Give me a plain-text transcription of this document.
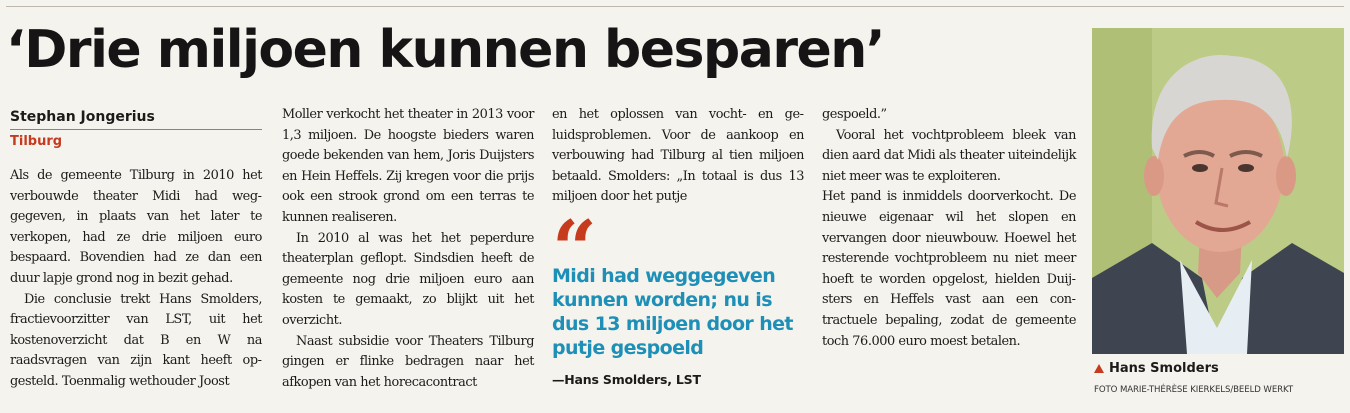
‘Drie miljoen kunnen besparen’
Stephan Jongerius
Tilburg

Als de gemeente Tilburg in 2010 het verbouwde theater Midi had weggegeven, in plaats van het later te verkopen, had ze drie miljoen euro bespaard. Bovendien had ze dan een duur lapje grond nog in bezit gehad.

Die conclusie trekt Hans Smolders, fractievoorzitter van LST, uit het kostenoverzicht dat B en W na raadsvragen van zijn kant heeft opgesteld. Toenmalig wethouder Joost

Moller verkocht het theater in 2013 voor 1,3 miljoen. De hoogste bieders waren goede bekenden van hem, Joris Duijsters en Hein Heffels. Zij kregen voor die prijs ook een strook grond om een terras te kunnen realiseren.

In 2010 al was het het peperdure theaterplan geflopt. Sindsdien heeft de gemeente nog drie miljoen euro aan kosten te gemaakt, zo blijkt uit het overzicht.

Naast subsidie voor Theaters Tilburg gingen er flinke bedragen naar het afkopen van het horecacontract

en het oplossen van vocht- en geluidsproblemen. Voor de aankoop en verbouwing had Tilburg al tien miljoen betaald. Smolders: „In totaal is dus 13 miljoen door het putje

“
Midi had weggegeven kunnen worden; nu is dus 13 miljoen door het putje gespoeld
—Hans Smolders, LST

gespoeld.”

Vooral het vochtprobleem bleek van dien aard dat Midi als theater uiteindelijk niet meer was te exploiteren.

Het pand is inmiddels doorverkocht. De nieuwe eigenaar wil het slopen en vervangen door nieuwbouw. Hoewel het resterende vochtprobleem nu niet meer hoeft te worden opgelost, hielden Duijsters en Heffels vast aan een contractuele bepaling, zodat de gemeente toch 76.000 euro moest betalen.

Hans Smolders
FOTO MARIE-THÉRÈSE KIERKELS/BEELD WERKT
